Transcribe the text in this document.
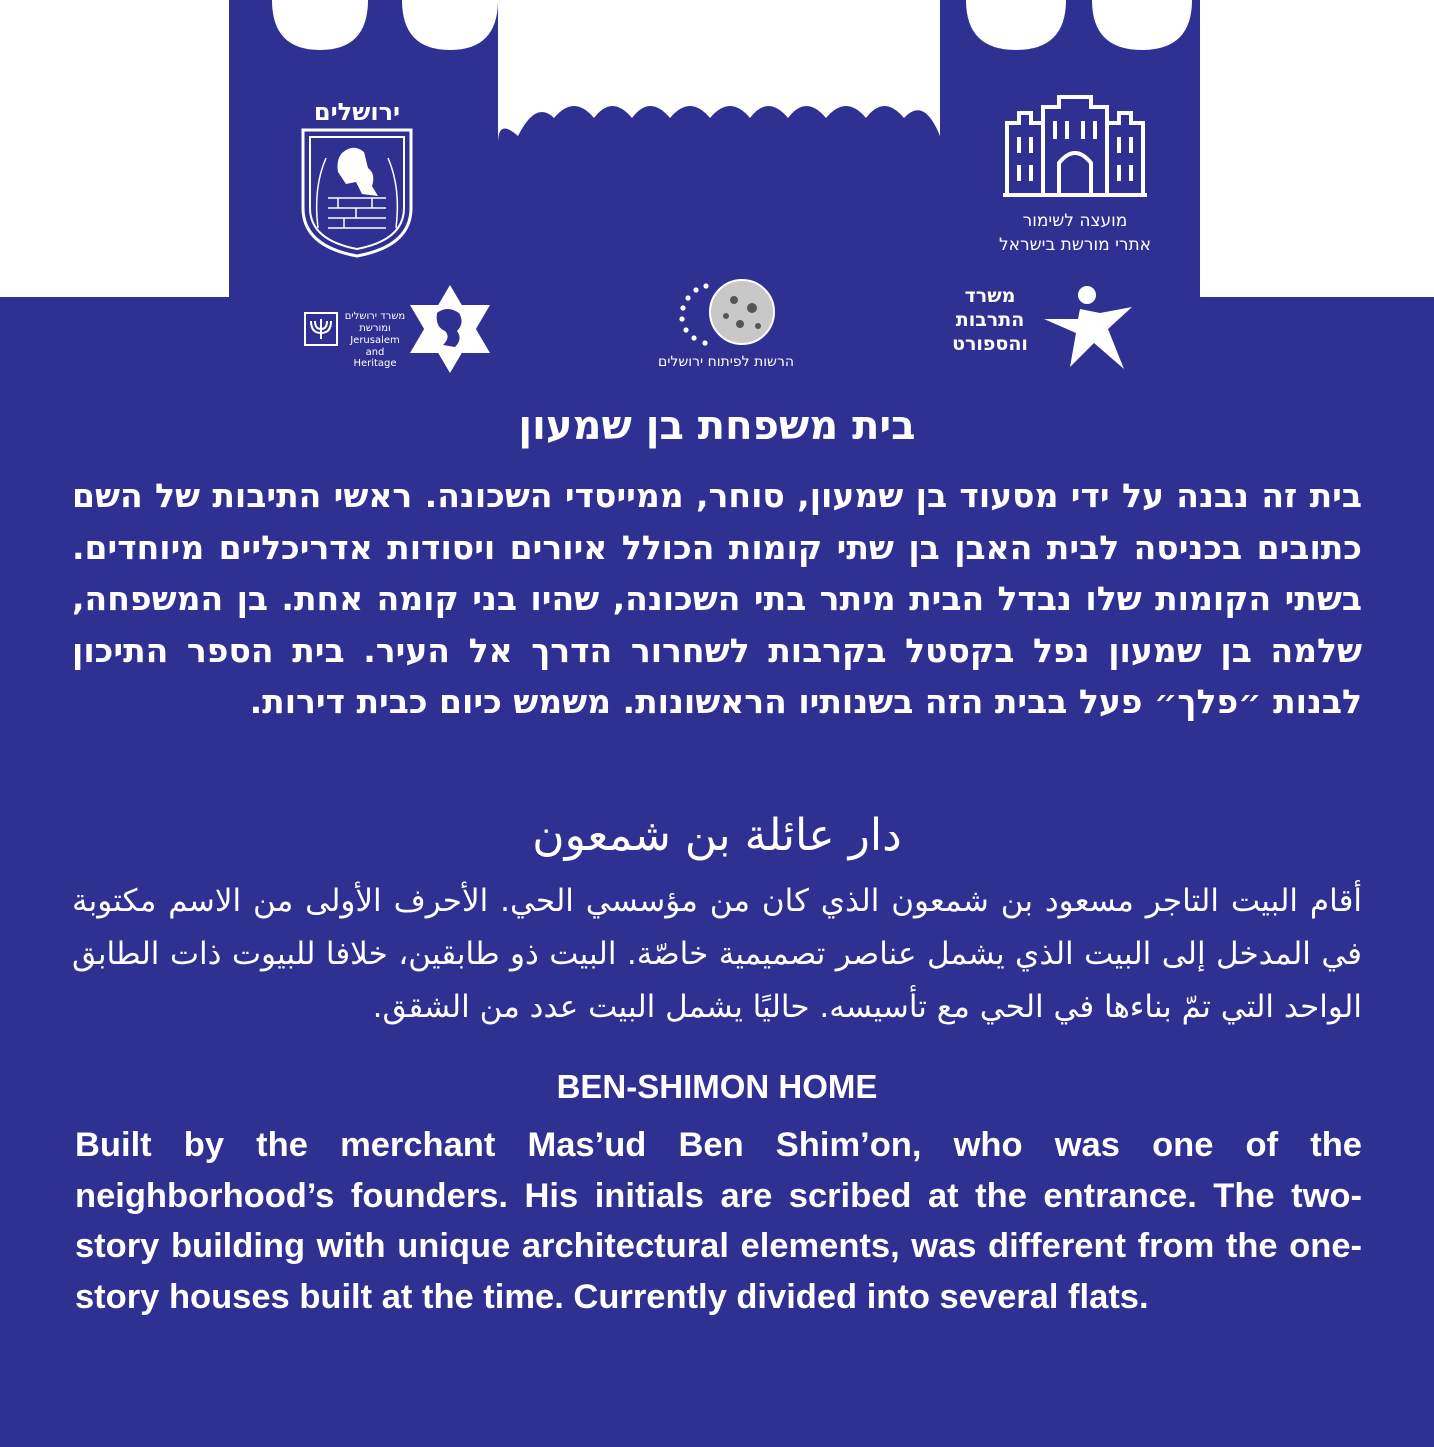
ירושלים
מועצה לשימור
אתרי מורשת בישראל
משרד
התרבות
והספורט
הרשות לפיתוח ירושלים
משרד ירושלים
ומורשת
Jerusalem
and Heritage
בית משפחת בן שמעון
בית זה נבנה על ידי מסעוד בן שמעון, סוחר, ממייסדי השכונה. ראשי התיבות של השם כתובים בכניסה לבית האבן בן שתי קומות הכולל איורים ויסודות אדריכליים מיוחדים. בשתי הקומות שלו נבדל הבית מיתר בתי השכונה, שהיו בני קומה אחת. בן המשפחה, שלמה בן שמעון נפל בקסטל בקרבות לשחרור הדרך אל העיר. בית הספר התיכון לבנות ״פלך״ פעל בבית הזה בשנותיו הראשונות. משמש כיום כבית דירות.
دار عائلة بن شمعون
أقام البيت التاجر مسعود بن شمعون الذي كان من مؤسسي الحي. الأحرف الأولى من الاسم مكتوبة في المدخل إلى البيت الذي يشمل عناصر تصميمية خاصّة. البيت ذو طابقين، خلافا للبيوت ذات الطابق الواحد التي تمّ بناءها في الحي مع تأسيسه. حاليًا يشمل البيت عدد من الشقق.
BEN-SHIMON HOME
Built by the merchant Mas’ud Ben Shim’on, who was one of the neighborhood’s founders. His initials are scribed at the entrance. The two-story building with unique architectural elements, was different from the one-story houses built at the time. Currently divided into several flats.
